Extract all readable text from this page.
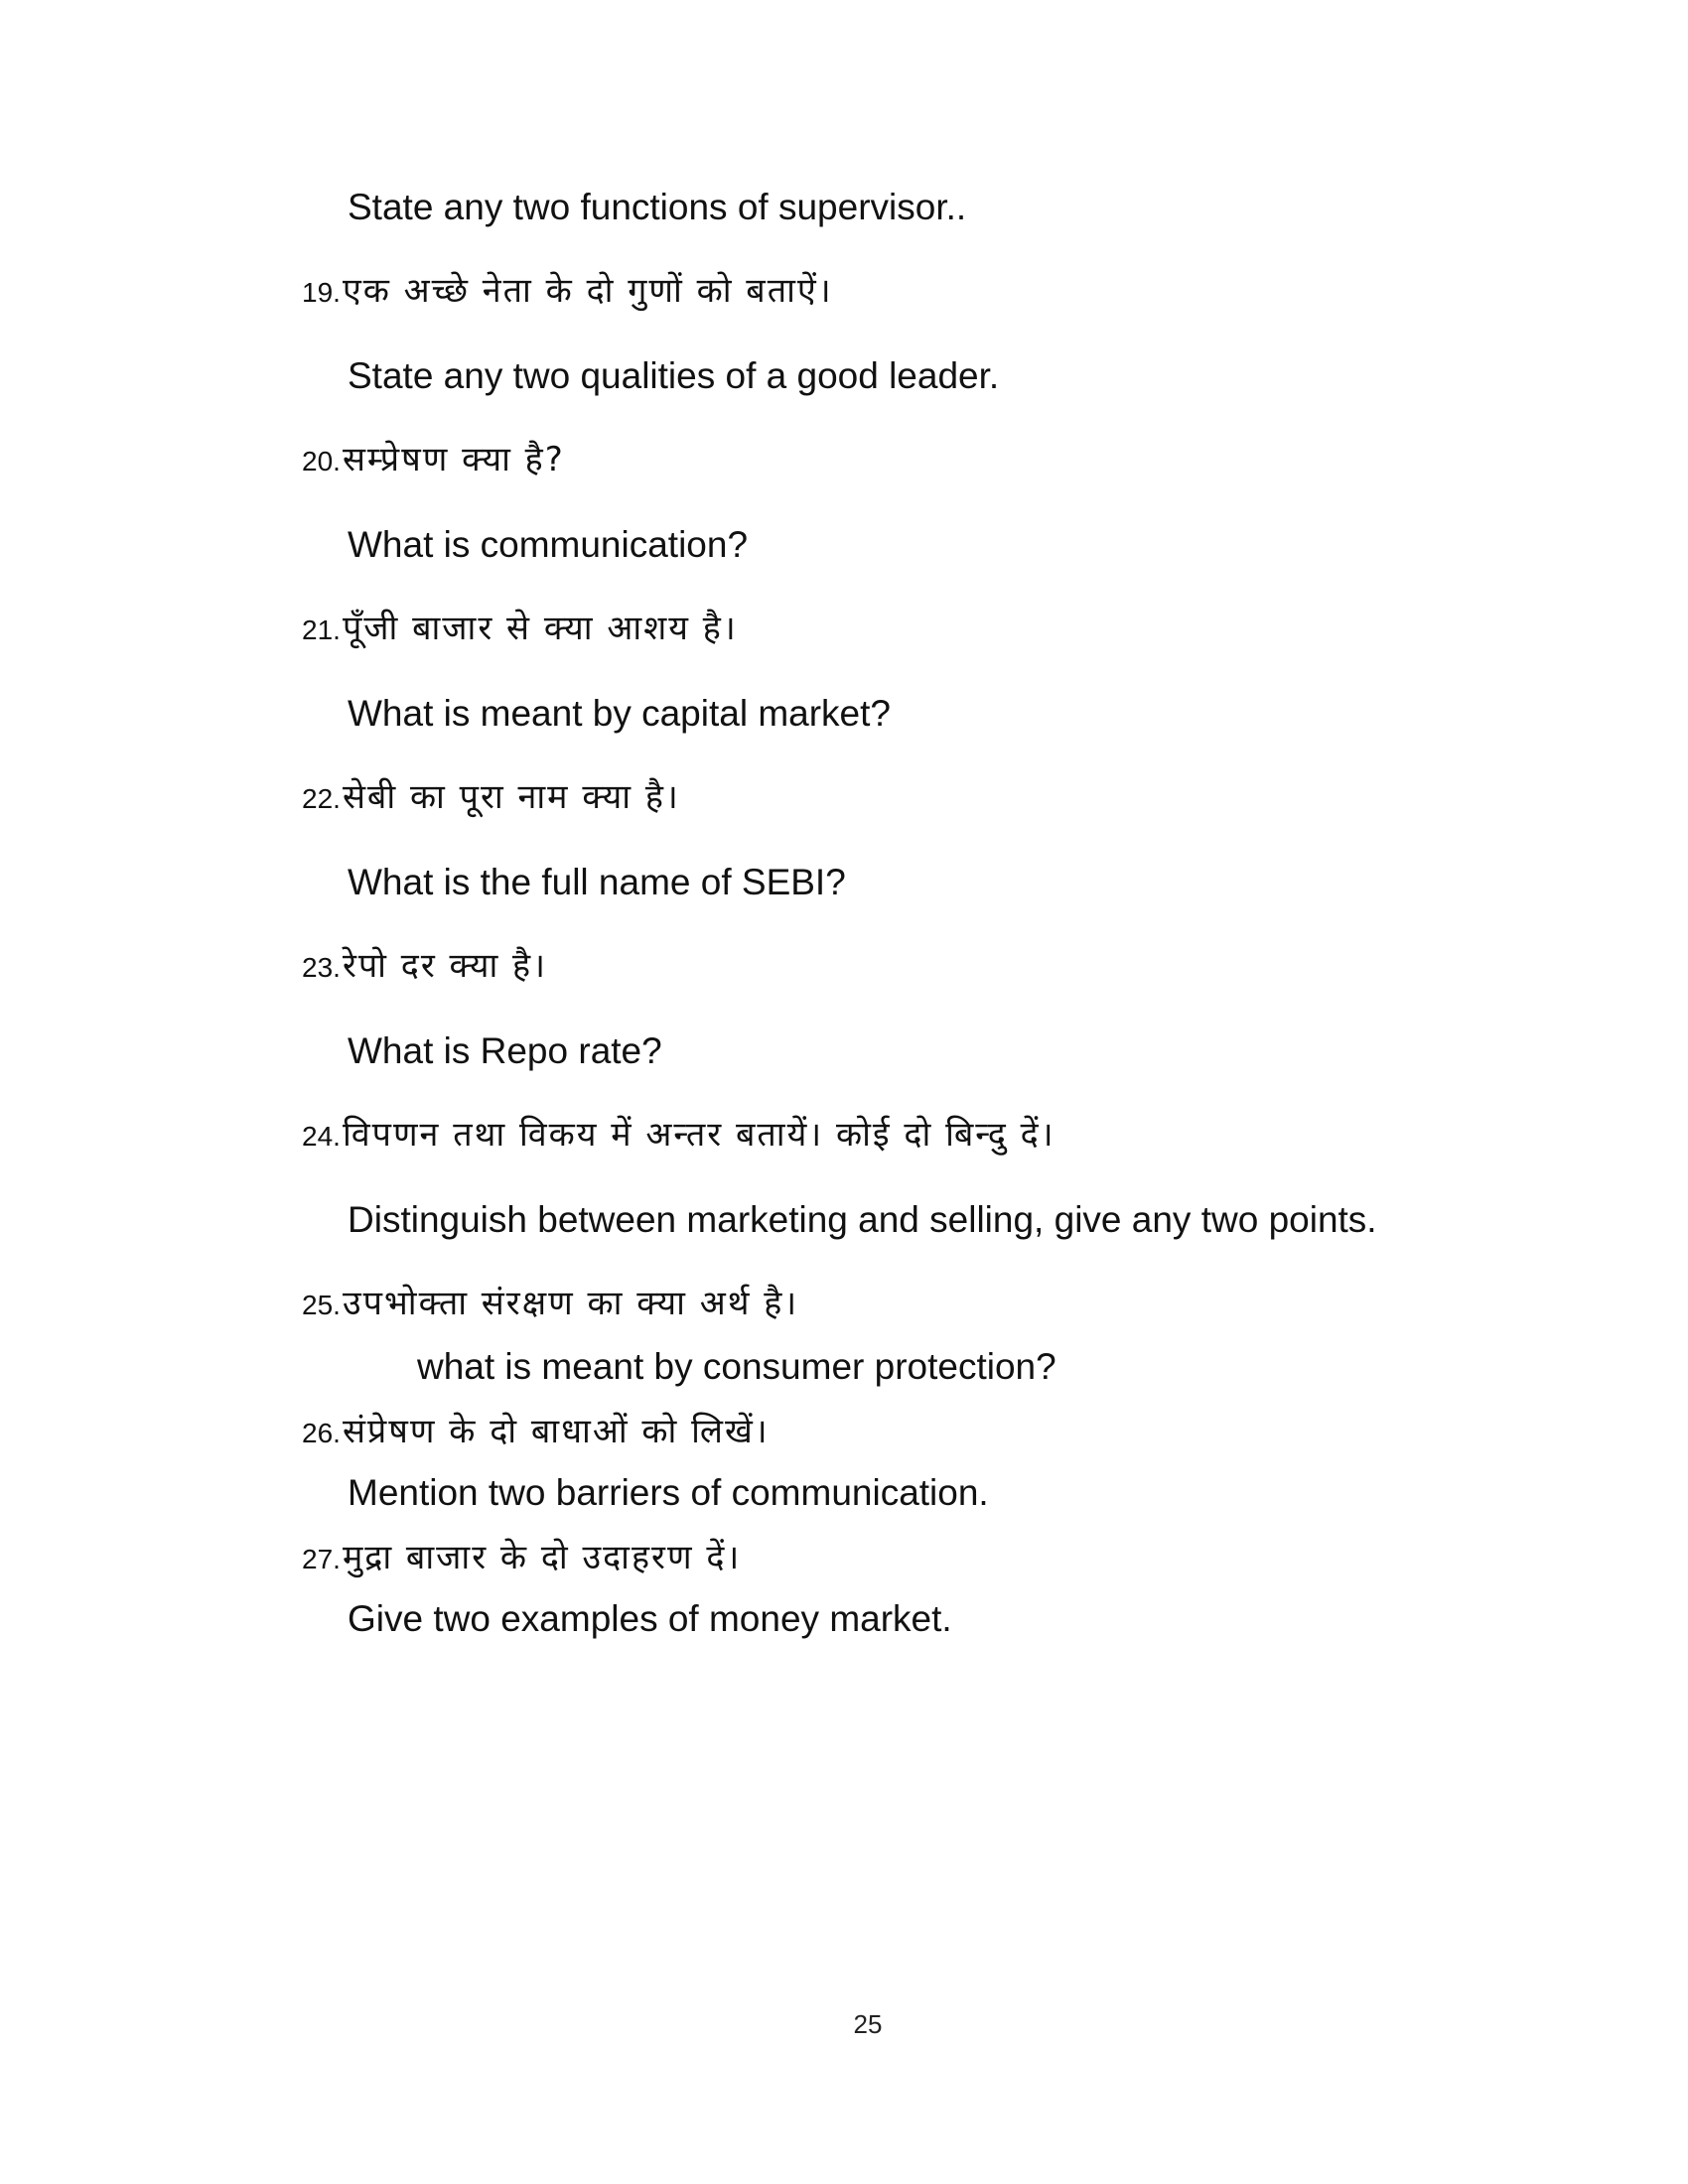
State any two functions of supervisor..
19.एक अच्छे नेता के दो गुणों को बताऐं।
State any two qualities of a good leader.
20.सम्प्रेषण क्या है?
What is communication?
21.पूँजी बाजार से क्या आशय है।
What is meant by capital market?
22.सेबी का पूरा नाम क्या है।
What is the full name of SEBI?
23.रेपो दर क्या है।
What is Repo rate?
24.विपणन तथा विकय में अन्तर बतायें। कोई दो बिन्दु दें।
Distinguish between marketing and selling, give any two points.
25.उपभोक्ता संरक्षण का क्या अर्थ है।
what is meant by consumer protection?
26.संप्रेषण के दो बाधाओं को लिखें।
Mention two barriers of communication.
27.मुद्रा बाजार के दो उदाहरण दें।
Give two examples of money market.
25
